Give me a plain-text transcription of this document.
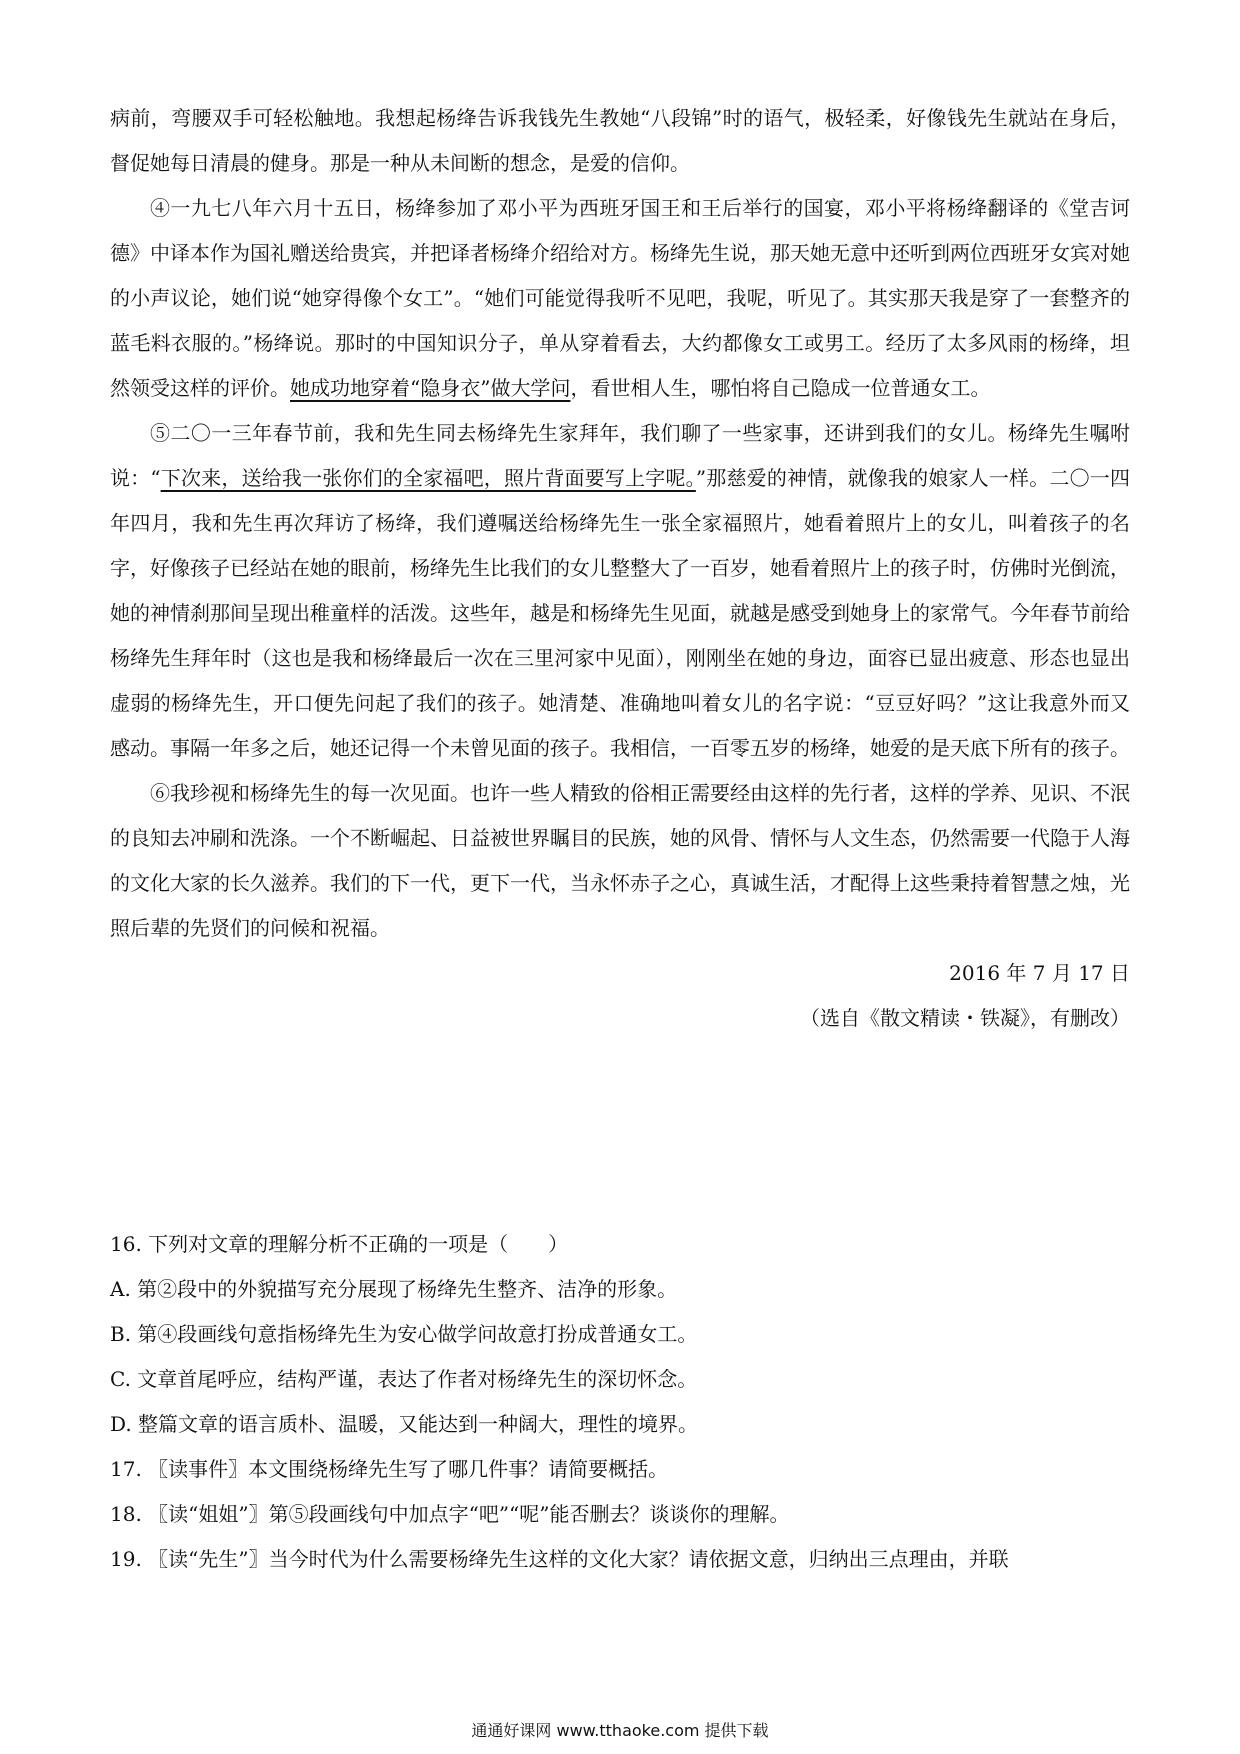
病前，弯腰双手可轻松触地。我想起杨绛告诉我钱先生教她“八段锦”时的语气，极轻柔，好像钱先生就站在身后，督促她每日清晨的健身。那是一种从未间断的想念，是爱的信仰。

④一九七八年六月十五日，杨绛参加了邓小平为西班牙国王和王后举行的国宴，邓小平将杨绛翻译的《堂吉诃德》中译本作为国礼赠送给贵宾，并把译者杨绛介绍给对方。杨绛先生说，那天她无意中还听到两位西班牙女宾对她的小声议论，她们说“她穿得像个女工”。“她们可能觉得我听不见吧，我呢，听见了。其实那天我是穿了一套整齐的蓝毛料衣服的。”杨绛说。那时的中国知识分子，单从穿着看去，大约都像女工或男工。经历了太多风雨的杨绛，坦然领受这样的评价。她成功地穿着“隐身衣”做大学问，看世相人生，哪怕将自己隐成一位普通女工。

⑤二〇一三年春节前，我和先生同去杨绛先生家拜年，我们聊了一些家事，还讲到我们的女儿。杨绛先生嘱咐说：“下次来，送给我一张你们的全家福吧，照片背面要写上字呢。”那慈爱的神情，就像我的娘家人一样。二〇一四年四月，我和先生再次拜访了杨绛，我们遵嘱送给杨绛先生一张全家福照片，她看着照片上的女儿，叫着孩子的名字，好像孩子已经站在她的眼前，杨绛先生比我们的女儿整整大了一百岁，她看着照片上的孩子时，仿佛时光倒流，她的神情刹那间呈现出稚童样的活泼。这些年，越是和杨绛先生见面，就越是感受到她身上的家常气。今年春节前给杨绛先生拜年时（这也是我和杨绛最后一次在三里河家中见面），刚刚坐在她的身边，面容已显出疲意、形态也显出虚弱的杨绛先生，开口便先问起了我们的孩子。她清楚、准确地叫着女儿的名字说：“豆豆好吗？”这让我意外而又感动。事隔一年多之后，她还记得一个未曾见面的孩子。我相信，一百零五岁的杨绛，她爱的是天底下所有的孩子。

⑥我珍视和杨绛先生的每一次见面。也许一些人精致的俗相正需要经由这样的先行者，这样的学养、见识、不泯的良知去冲刷和洗涤。一个不断崛起、日益被世界瞩目的民族，她的风骨、情怀与人文生态，仍然需要一代隐于人海的文化大家的长久滋养。我们的下一代，更下一代，当永怀赤子之心，真诚生活，才配得上这些秉持着智慧之烛，光照后辈的先贤们的问候和祝福。

2016 年 7 月 17 日

（选自《散文精读・铁凝》，有删改）

16. 下列对文章的理解分析不正确的一项是（　　）

A. 第②段中的外貌描写充分展现了杨绛先生整齐、洁净的形象。

B. 第④段画线句意指杨绛先生为安心做学问故意打扮成普通女工。

C. 文章首尾呼应，结构严谨，表达了作者对杨绛先生的深切怀念。

D. 整篇文章的语言质朴、温暖，又能达到一种阔大，理性的境界。

17. 〖读事件〗本文围绕杨绛先生写了哪几件事？请简要概括。

18. 〖读“姐姐”〗第⑤段画线句中加点字“吧”“呢”能否删去？谈谈你的理解。

19. 〖读“先生”〗当今时代为什么需要杨绛先生这样的文化大家？请依据文意，归纳出三点理由，并联

通通好课网 www.tthaoke.com 提供下载
